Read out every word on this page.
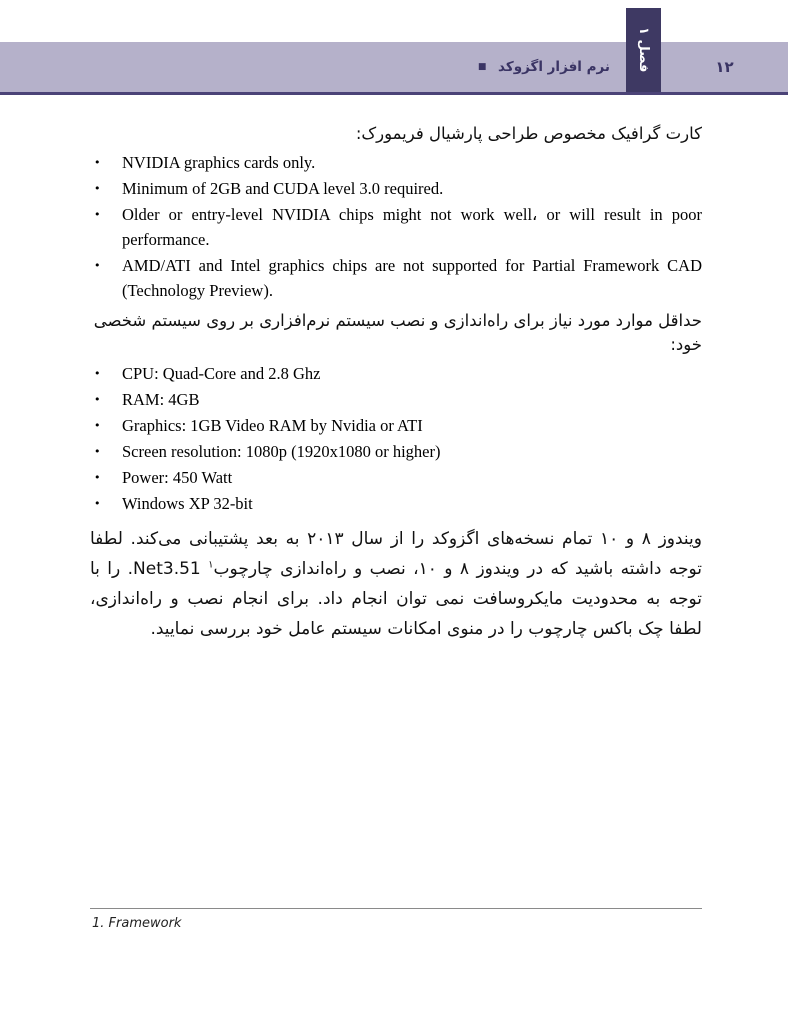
نرم افزار اگزوکد ■
فصل ۱	۱۲
کارت گرافیک مخصوص طراحی پارشیال فریمورک:
• NVIDIA graphics cards only.
• Minimum of 2GB and CUDA level 3.0 required.
• Older or entry-level NVIDIA chips might not work well، or will result in poor performance.
• AMD/ATI and Intel graphics chips are not supported for Partial Framework CAD (Technology Preview).
حداقل موارد مورد نیاز برای راه‌اندازی و نصب سیستم نرم‌افزاری بر روی سیستم شخصی خود:
• CPU: Quad-Core and 2.8 Ghz
• RAM: 4GB
• Graphics: 1GB Video RAM by Nvidia or ATI
• Screen resolution: 1080p (1920x1080 or higher)
• Power: 450 Watt
• Windows XP 32-bit

ویندوز ۸ و ۱۰ تمام نسخه‌های اگزوکد را از سال ۲۰۱۳ به بعد پشتیبانی می‌کند. لطفا توجه داشته باشید که در ویندوز ۸ و ۱۰، نصب و راه‌اندازی چارچوب$^۱$ Net3.51. را با توجه به محدودیت مایکروسافت نمی توان انجام داد. برای انجام نصب و راه‌اندازی، لطفا چک باکس چارچوب را در منوی امکانات سیستم عامل خود بررسی نمایید.

1. Framework
